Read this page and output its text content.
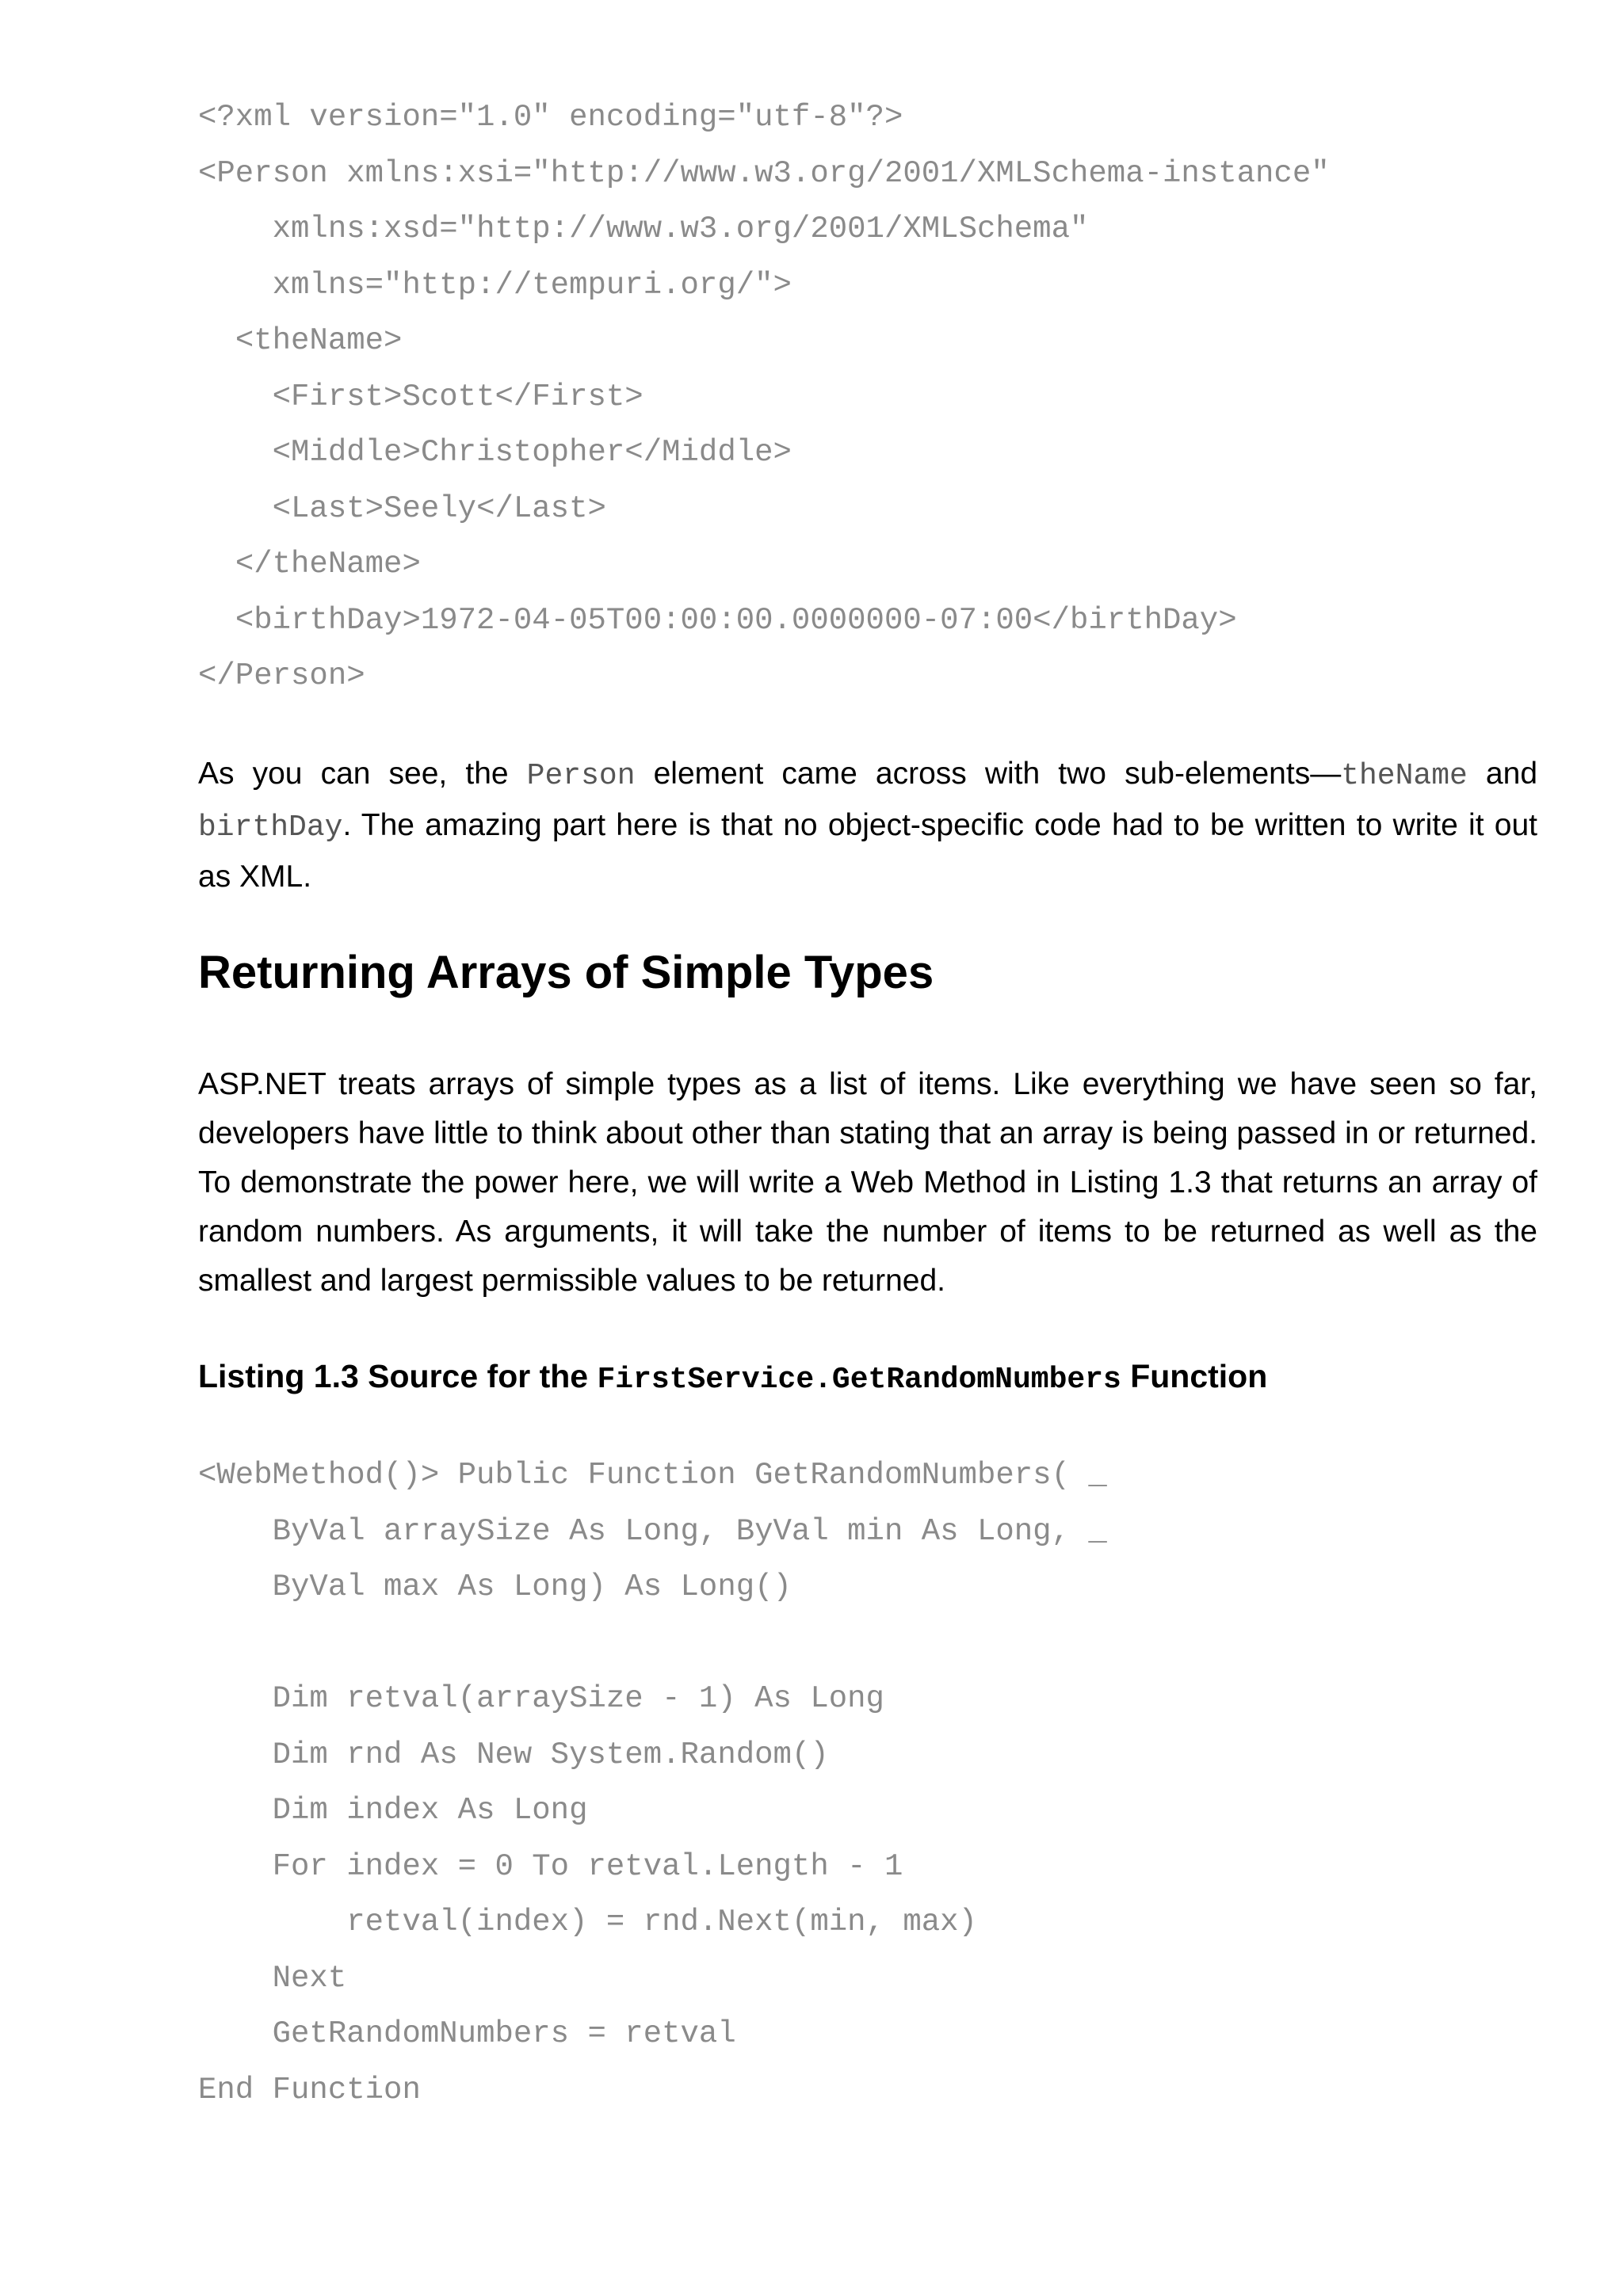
<?xml version="1.0" encoding="utf-8"?>
<Person xmlns:xsi="http://www.w3.org/2001/XMLSchema-instance"
xmlns:xsd="http://www.w3.org/2001/XMLSchema"
xmlns="http://tempuri.org/">
<theName>
<First>Scott</First>
<Middle>Christopher</Middle>
<Last>Seely</Last>
</theName>
<birthDay>1972-04-05T00:00:00.0000000-07:00</birthDay>
</Person>

As you can see, the Person element came across with two sub-elements—theName and birthDay. The amazing part here is that no object-specific code had to be written to write it out as XML.

Returning Arrays of Simple Types

ASP.NET treats arrays of simple types as a list of items. Like everything we have seen so far, developers have little to think about other than stating that an array is being passed in or returned. To demonstrate the power here, we will write a Web Method in Listing 1.3 that returns an array of random numbers. As arguments, it will take the number of items to be returned as well as the smallest and largest permissible values to be returned.

Listing 1.3 Source for the FirstService.GetRandomNumbers Function

<WebMethod()> Public Function GetRandomNumbers( _
ByVal arraySize As Long, ByVal min As Long, _
ByVal max As Long) As Long()
Dim retval(arraySize - 1) As Long
Dim rnd As New System.Random()
Dim index As Long
For index = 0 To retval.Length - 1
retval(index) = rnd.Next(min, max)
Next
GetRandomNumbers = retval
End Function
